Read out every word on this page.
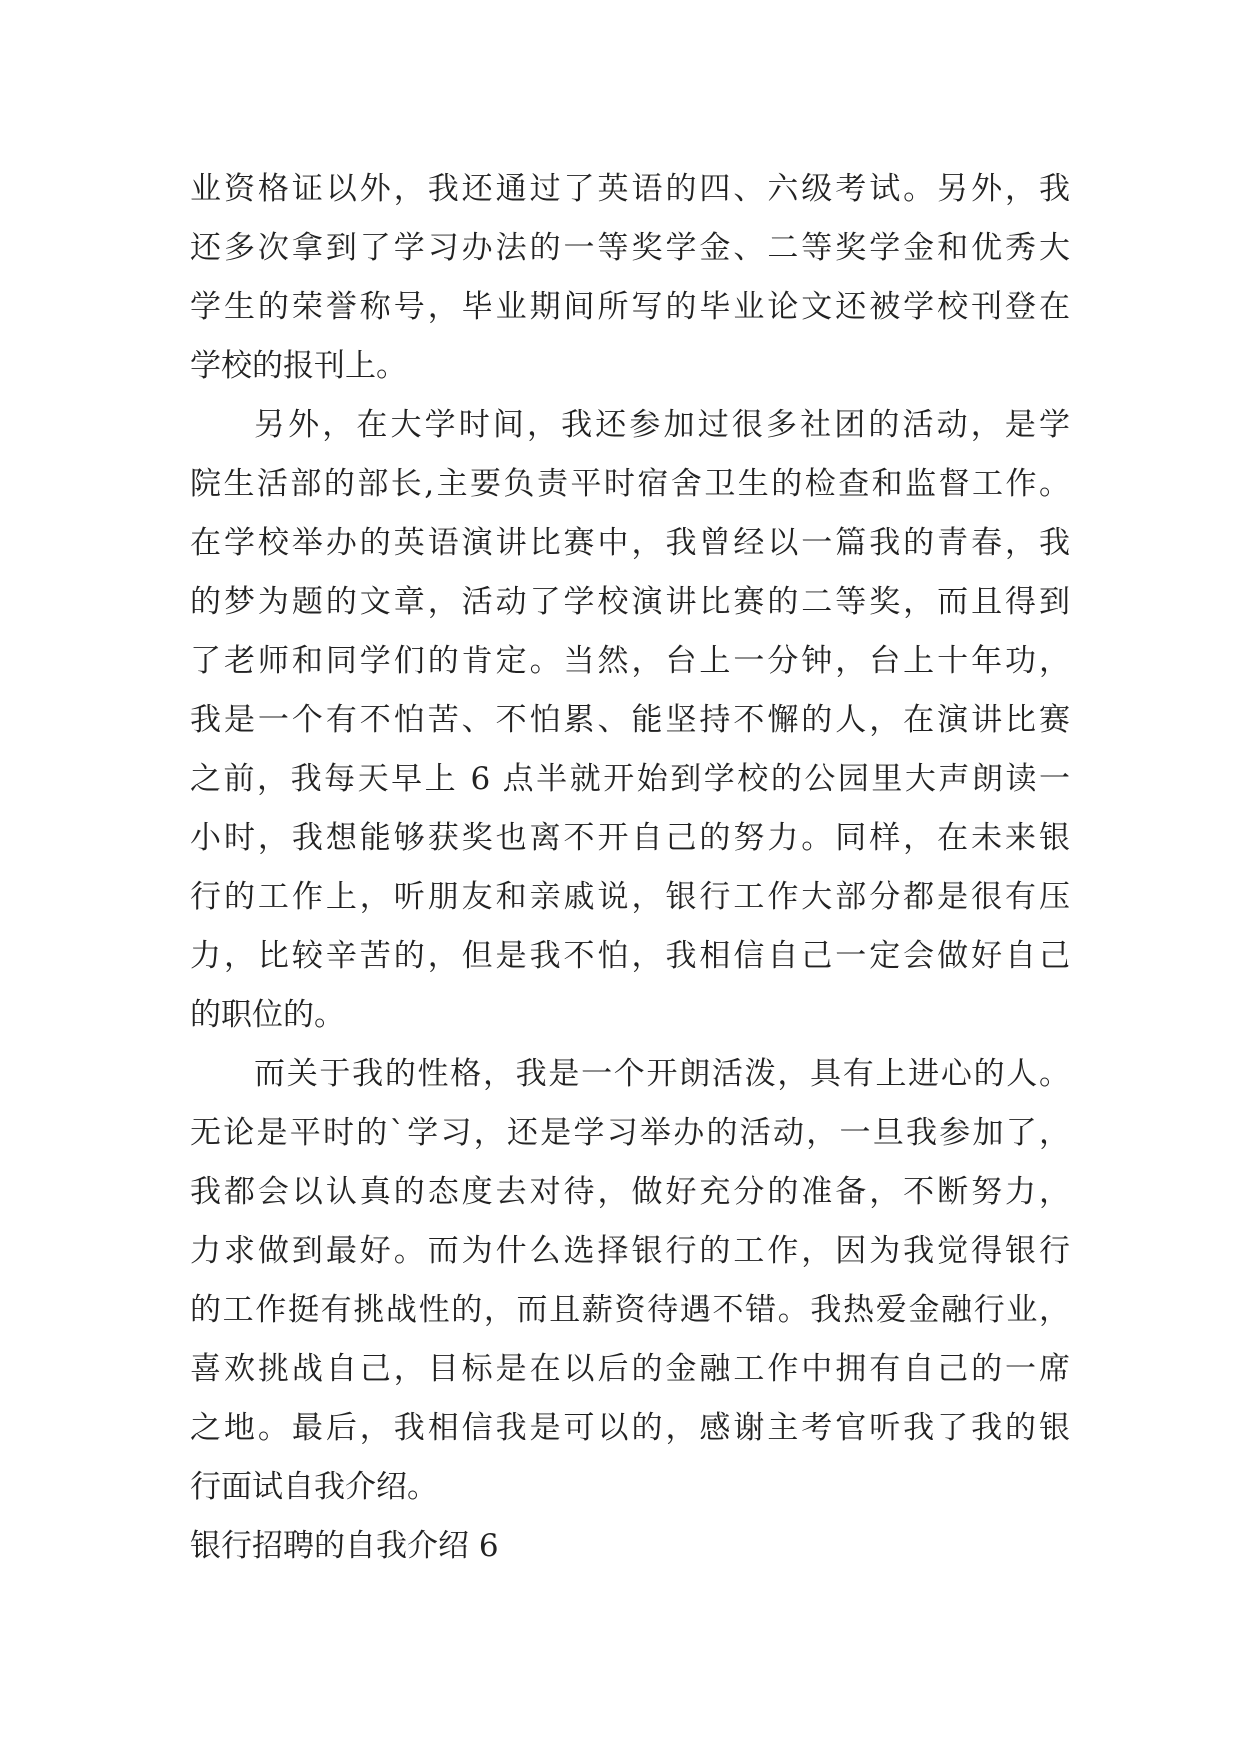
业资格证以外，我还通过了英语的四、六级考试。另外，我
还多次拿到了学习办法的一等奖学金、二等奖学金和优秀大
学生的荣誉称号，毕业期间所写的毕业论文还被学校刊登在
学校的报刊上。
另外，在大学时间，我还参加过很多社团的活动，是学
院生活部的部长,主要负责平时宿舍卫生的检查和监督工作。
在学校举办的英语演讲比赛中，我曾经以一篇我的青春，我
的梦为题的文章，活动了学校演讲比赛的二等奖，而且得到
了老师和同学们的肯定。当然，台上一分钟，台上十年功，
我是一个有不怕苦、不怕累、能坚持不懈的人，在演讲比赛
之前，我每天早上 6 点半就开始到学校的公园里大声朗读一
小时，我想能够获奖也离不开自己的努力。同样，在未来银
行的工作上，听朋友和亲戚说，银行工作大部分都是很有压
力，比较辛苦的，但是我不怕，我相信自己一定会做好自己
的职位的。
而关于我的性格，我是一个开朗活泼，具有上进心的人。
无论是平时的`学习，还是学习举办的活动，一旦我参加了，
我都会以认真的态度去对待，做好充分的准备，不断努力，
力求做到最好。而为什么选择银行的工作，因为我觉得银行
的工作挺有挑战性的，而且薪资待遇不错。我热爱金融行业，
喜欢挑战自己，目标是在以后的金融工作中拥有自己的一席
之地。最后，我相信我是可以的，感谢主考官听我了我的银
行面试自我介绍。
银行招聘的自我介绍 6
